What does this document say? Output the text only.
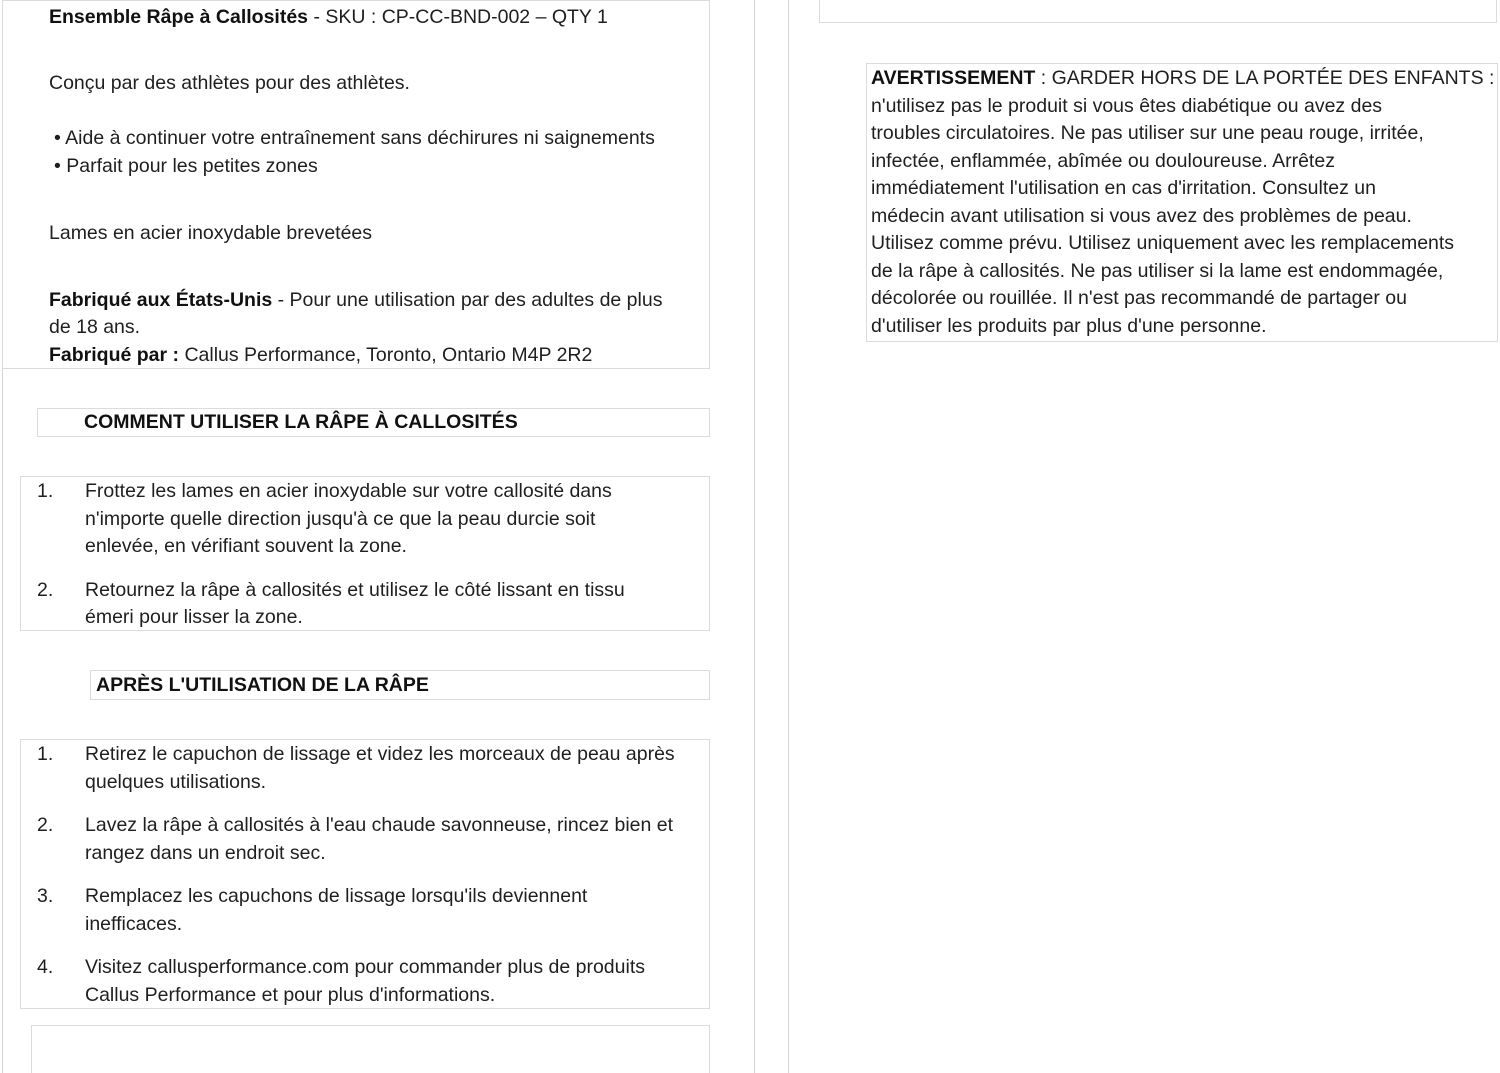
Ensemble Râpe à Callosités - SKU : CP-CC-BND-002 – QTY 1
Conçu par des athlètes pour des athlètes.
• Aide à continuer votre entraînement sans déchirures ni saignements
• Parfait pour les petites zones
Lames en acier inoxydable brevetées
Fabriqué aux États-Unis - Pour une utilisation par des adultes de plus
de 18 ans.
Fabriqué par : Callus Performance, Toronto, Ontario M4P 2R2
COMMENT UTILISER LA RÂPE À CALLOSITÉS
1. Frottez les lames en acier inoxydable sur votre callosité dans
n'importe quelle direction jusqu'à ce que la peau durcie soit
enlevée, en vérifiant souvent la zone.
2. Retournez la râpe à callosités et utilisez le côté lissant en tissu
émeri pour lisser la zone.
APRÈS L'UTILISATION DE LA RÂPE
1. Retirez le capuchon de lissage et videz les morceaux de peau après
quelques utilisations.
2. Lavez la râpe à callosités à l'eau chaude savonneuse, rincez bien et
rangez dans un endroit sec.
3. Remplacez les capuchons de lissage lorsqu'ils deviennent
inefficaces.
4. Visitez callusperformance.com pour commander plus de produits
Callus Performance et pour plus d'informations.
AVERTISSEMENT : GARDER HORS DE LA PORTÉE DES ENFANTS :
n'utilisez pas le produit si vous êtes diabétique ou avez des
troubles circulatoires. Ne pas utiliser sur une peau rouge, irritée,
infectée, enflammée, abîmée ou douloureuse. Arrêtez
immédiatement l'utilisation en cas d'irritation. Consultez un
médecin avant utilisation si vous avez des problèmes de peau.
Utilisez comme prévu. Utilisez uniquement avec les remplacements
de la râpe à callosités. Ne pas utiliser si la lame est endommagée,
décolorée ou rouillée. Il n'est pas recommandé de partager ou
d'utiliser les produits par plus d'une personne.
